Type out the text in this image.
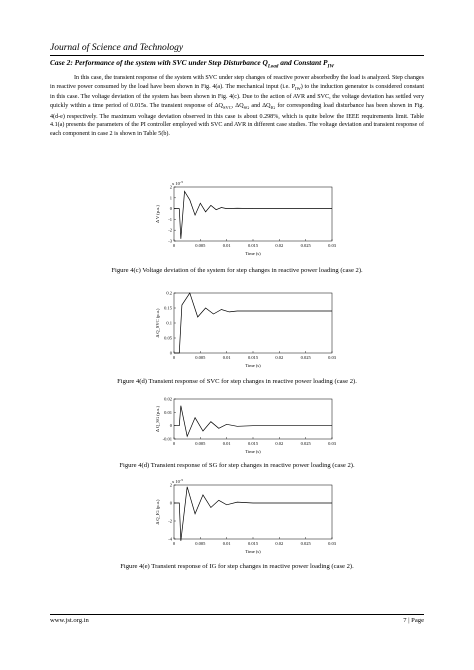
Journal of Science and Technology
Case 2: Performance of the system with SVC under Step Disturbance $Q_{Load}$ and Constant $P_{IW}$
In this case, the transient response of the system with SVC under step changes of reactive power absorbedby the load is analyzed. Step changes in reactive power consumed by the load have been shown in Fig. 4(a). The mechanical input (i.e. $P_{IW}$) to the induction generator is considered constant in this case. The voltage deviation of the system has been shown in Fig. 4(c). Due to the action of AVR and SVC, the voltage deviation has settled very quickly within a time period of 0.015s. The transient response of $\Delta Q_{SVC}$, $\Delta Q_{SG}$ and $\Delta Q_{IG}$ for corresponding load disturbance has been shown in Fig. 4(d-e) respectively. The maximum voltage deviation observed in this case is about 0.298%, which is quite below the IEEE requirements limit. Table 4.1(a) presents the parameters of the PI controller employed with SVC and AVR in different case studies. The voltage deviation and transient response of each component in case 2 is shown in Table 5(b).
x $10^{-3}$
2
1
0
-1
-2
-3
0	0.005	0.01	0.015	0.02	0.025	0.03
Time (s)
Δ V (p.u.)
Figure 4(c) Voltage deviation of the system for step changes in reactive power loading (case 2).
0.2
0.15
0.1
0.05
0
0	0.005	0.01	0.015	0.02	0.025	0.03
Time (s)
Δ Q_SVC (p.u.)
Figure 4(d) Transient response of SVC for step changes in reactive power loading (case 2).
0.02
0.01
0
-0.01
0	0.005	0.01	0.015	0.02	0.025	0.03
Time (s)
Δ Q_SG (p.u.)
Figure 4(d) Transient response of SG for step changes in reactive power loading (case 2).
x $10^{-3}$
2
0
-2
-4
0	0.005	0.01	0.015	0.02	0.025	0.03
Time (s)
Δ Q_IG (p.u.)
Figure 4(e) Transient response of IG for step changes in reactive power loading (case 2).
www.jst.org.in	7 | Page
